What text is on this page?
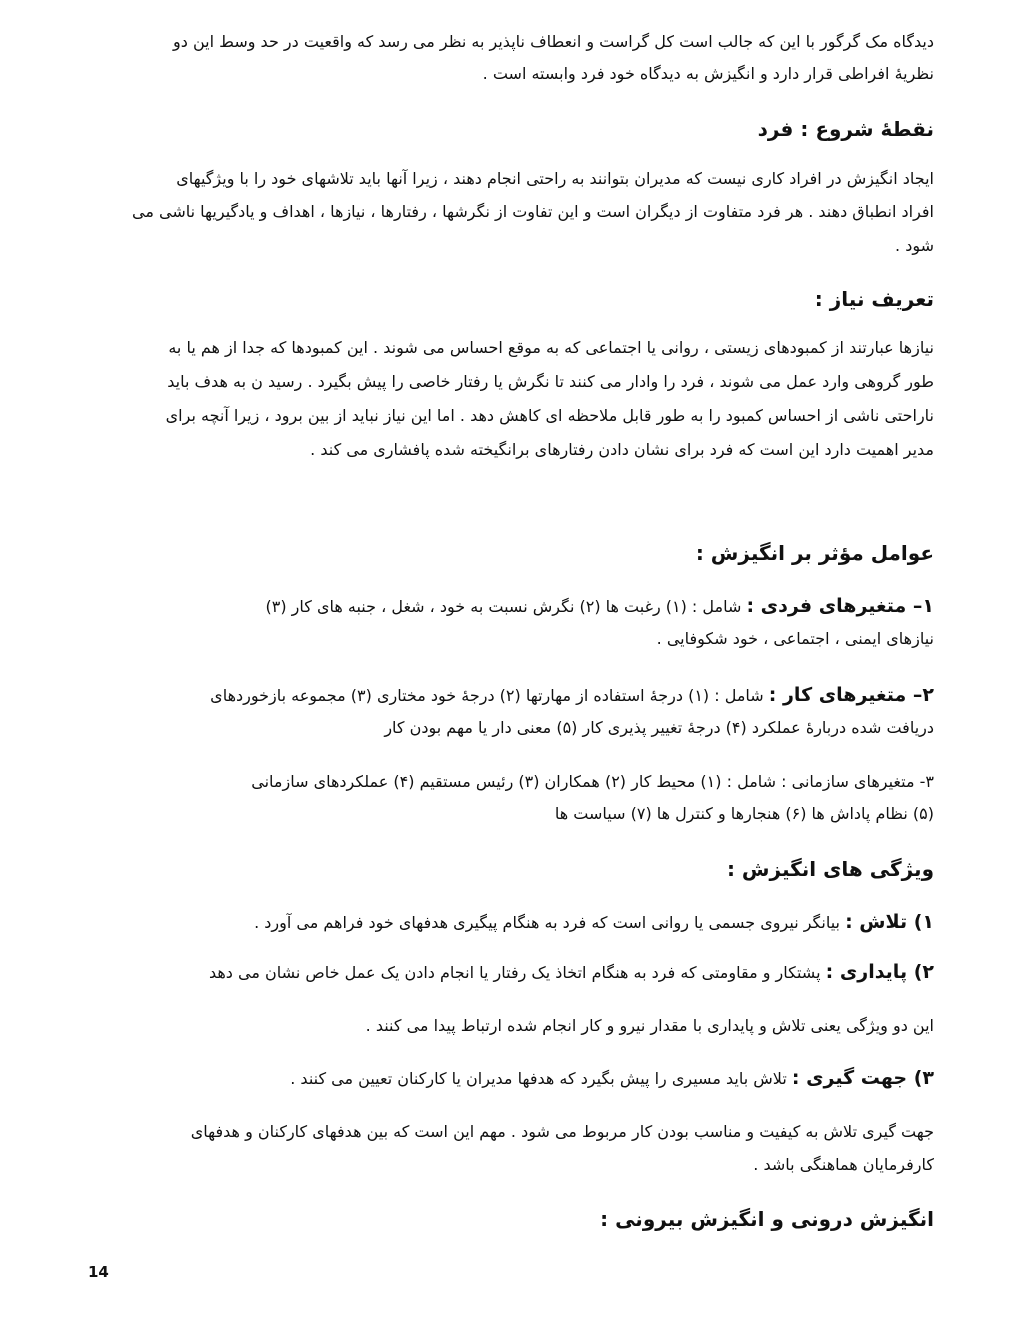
دیدگاه مک گرگور با این که جالب است کل گراست و انعطاف ناپذیر به نظر می رسد که واقعیت در حد وسط این دو

نظریهٔ افراطی قرار دارد و انگیزش به دیدگاه خود فرد وابسته است .

نقطهٔ شروع : فرد

ایجاد انگیزش در افراد کاری نیست که مدیران بتوانند به راحتی انجام دهند ، زیرا آنها باید تلاشهای خود را با ویژگیهای

افراد انطباق دهند . هر فرد متفاوت از دیگران است و این تفاوت از نگرشها ، رفتارها ، نیازها ، اهداف و یادگیریها ناشی می

شود .

تعریف نیاز :

نیازها عبارتند از کمبودهای زیستی ، روانی یا اجتماعی که به موقع احساس می شوند . این کمبودها که جدا از هم یا به

طور گروهی وارد عمل می شوند ، فرد را وادار می کنند تا نگرش یا رفتار خاصی را پیش بگیرد . رسید ن به هدف باید

ناراحتی ناشی از احساس کمبود را به طور قابل ملاحظه ای کاهش دهد . اما این نیاز نباید از بین برود ، زیرا آنچه برای

مدیر اهمیت دارد این است که فرد برای نشان دادن رفتارهای برانگیخته شده پافشاری می کند .

عوامل مؤثر بر انگیزش :

۱– متغیرهای فردی : شامل : (۱) رغبت ها (۲) نگرش نسبت به خود ، شغل ، جنبه های کار (۳)

نیازهای ایمنی ، اجتماعی ، خود شکوفایی .

۲– متغیرهای کار : شامل : (۱) درجهٔ استفاده از مهارتها (۲) درجهٔ خود مختاری (۳) مجموعه بازخوردهای

دریافت شده دربارهٔ عملکرد (۴) درجهٔ تغییر پذیری کار (۵) معنی دار یا مهم بودن کار

۳- متغیرهای سازمانی : شامل : (۱) محیط کار (۲) همکاران (۳) رئیس مستقیم (۴) عملکردهای سازمانی

(۵) نظام پاداش ها (۶) هنجارها و کنترل ها (۷) سیاست ها

ویژگی های انگیزش :

۱) تلاش : بیانگر نیروی جسمی یا روانی است که فرد به هنگام پیگیری هدفهای خود فراهم می آورد .

۲) پایداری : پشتکار و مقاومتی که فرد به هنگام اتخاذ یک رفتار یا انجام دادن یک عمل خاص نشان می دهد

این دو ویژگی یعنی تلاش و پایداری با مقدار نیرو و کار انجام شده ارتباط پیدا می کنند .

۳) جهت گیری : تلاش باید مسیری را پیش بگیرد که هدفها مدیران یا کارکنان تعیین می کنند .

جهت گیری تلاش به کیفیت و مناسب بودن کار مربوط می شود . مهم این است که بین هدفهای کارکنان و هدفهای

کارفرمایان هماهنگی باشد .

انگیزش درونی و انگیزش بیرونی :
14
